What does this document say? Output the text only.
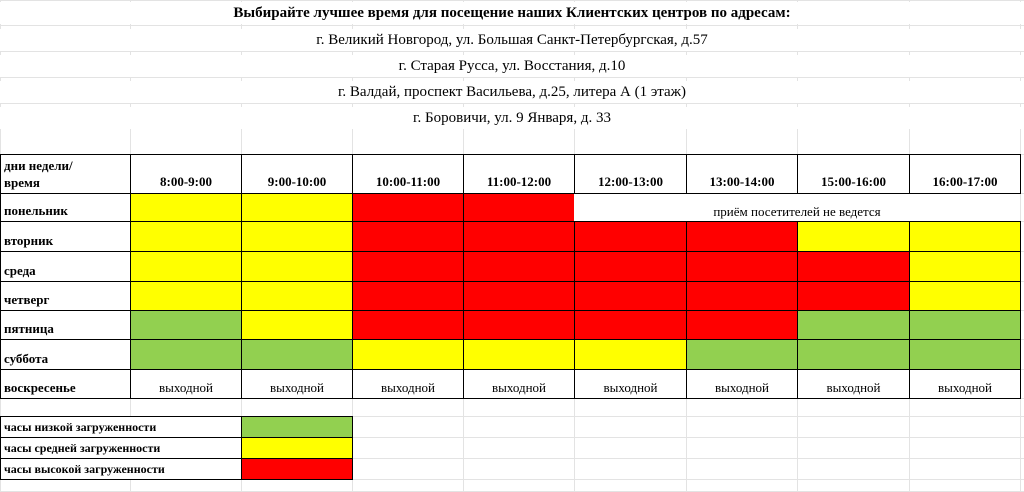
Выбирайте лучшее время для посещение наших Клиентских центров по адресам:
г. Великий Новгород, ул. Большая Санкт-Петербургская, д.57
г. Старая Русса, ул. Восстания, д.10
г. Валдай, проспект Васильева, д.25, литера А (1 этаж)
г. Боровичи, ул. 9 Января, д. 33
дни недели/
время	8:00-9:00	9:00-10:00	10:00-11:00	11:00-12:00	12:00-13:00	13:00-14:00	15:00-16:00	16:00-17:00
понельник	приём посетителей не ведется
вторник
среда
четверг
пятница
суббота
воскресенье	выходной	выходной	выходной	выходной	выходной	выходной	выходной	выходной
часы низкой загруженности
часы средней загруженности
часы высокой загруженности
